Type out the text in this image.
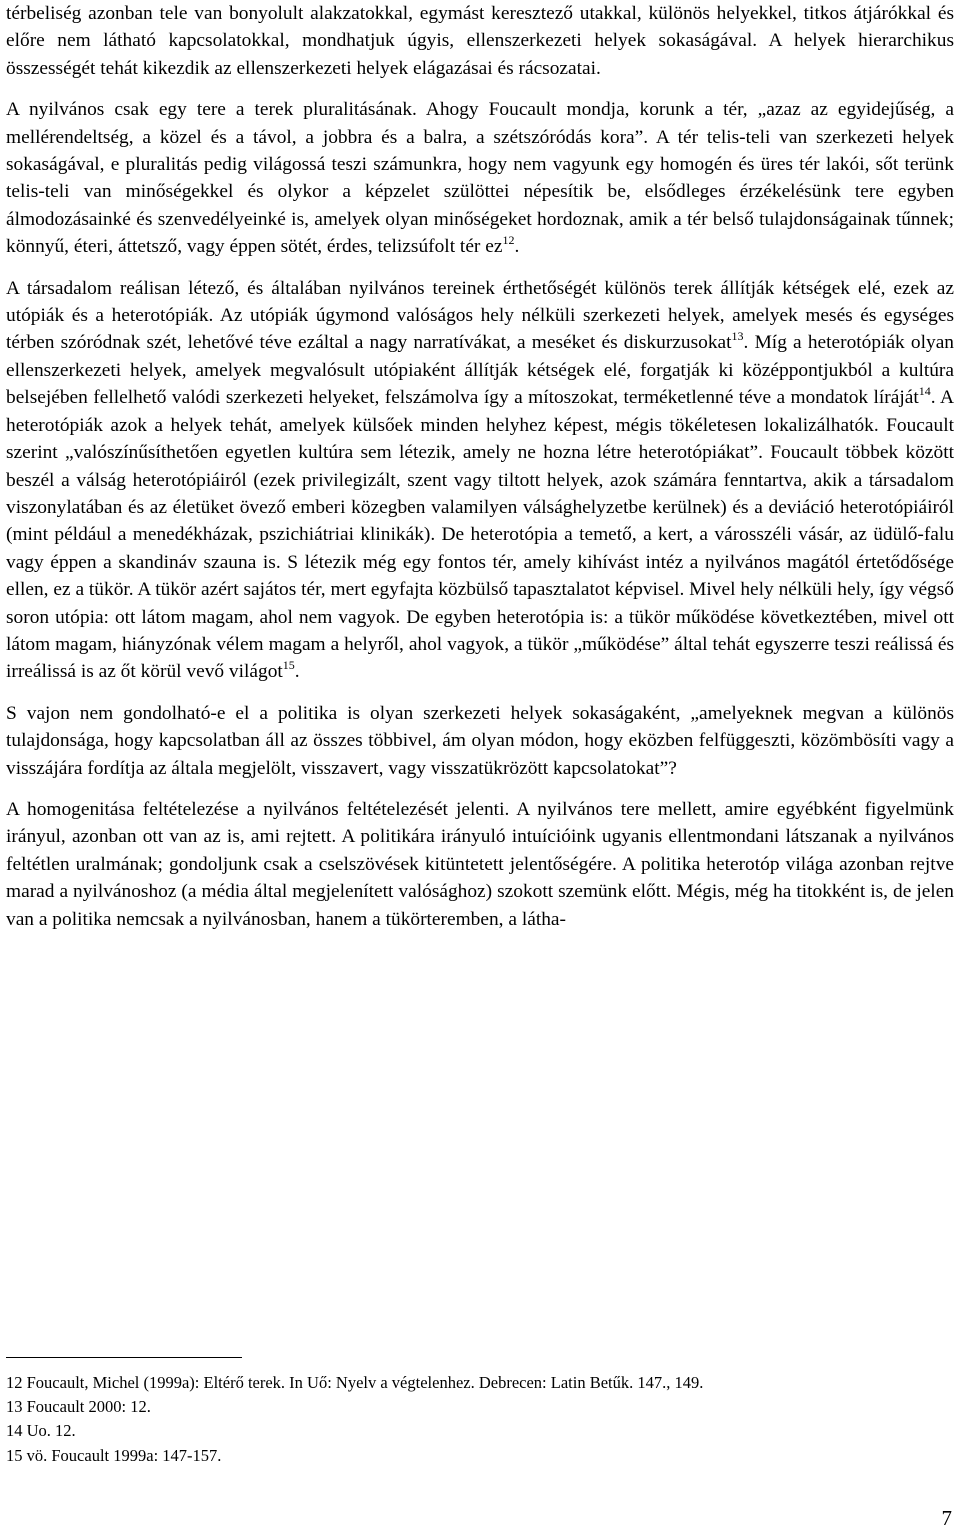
térbeliség azonban tele van bonyolult alakzatokkal, egymást keresztező utakkal, különös helyekkel, titkos átjárókkal és előre nem látható kapcsolatokkal, mondhatjuk úgyis, ellenszerkezeti helyek sokaságával. A helyek hierarchikus összességét tehát kikezdik az ellenszerkezeti helyek elágazásai és rácsozatai.

A nyilvános csak egy tere a terek pluralitásának. Ahogy Foucault mondja, korunk a tér, „azaz az egyidejűség, a mellérendeltség, a közel és a távol, a jobbra és a balra, a szétszóródás kora”. A tér telis-teli van szerkezeti helyek sokaságával, e pluralitás pedig világossá teszi számunkra, hogy nem vagyunk egy homogén és üres tér lakói, sőt terünk telis-teli van minőségekkel és olykor a képzelet szülöttei népesítik be, elsődleges érzékelésünk tere egyben álmodozásainké és szenvedélyeinké is, amelyek olyan minőségeket hordoznak, amik a tér belső tulajdonságainak tűnnek; könnyű, éteri, áttetsző, vagy éppen sötét, érdes, telizsúfolt tér $ez^{12}$.

A társadalom reálisan létező, és általában nyilvános tereinek érthetőségét különös terek állítják kétségek elé, ezek az utópiák és a heterotópiák. Az utópiák úgymond valóságos hely nélküli szerkezeti helyek, amelyek mesés és egységes térben szóródnak szét, lehetővé téve ezáltal a nagy narratívákat, a meséket és diskurzusokat$^{13}$. Míg a heterotópiák olyan ellenszerkezeti helyek, amelyek megvalósult utópiaként állítják kétségek elé, forgatják ki középpontjukból a kultúra belsejében fellelhető valódi szerkezeti helyeket, felszámolva így a mítoszokat, terméketlenné téve a mondatok líráját$^{14}$. A heterotópiák azok a helyek tehát, amelyek külsőek minden helyhez képest, mégis tökéletesen lokalizálhatók. Foucault szerint „valószínűsíthetően egyetlen kultúra sem létezik, amely ne hozna létre heterotópiákat”. Foucault többek között beszél a válság heterotópiáiról (ezek privilegizált, szent vagy tiltott helyek, azok számára fenntartva, akik a társadalom viszonylatában és az életüket övező emberi közegben valamilyen válsághelyzetbe kerülnek) és a deviáció heterotópiáiról (mint például a menedékházak, pszichiátriai klinikák). De heterotópia a temető, a kert, a városszéli vásár, az üdülő-falu vagy éppen a skandináv szauna is. S létezik még egy fontos tér, amely kihívást intéz a nyilvános magától értetődősége ellen, ez a tükör. A tükör azért sajátos tér, mert egyfajta közbülső tapasztalatot képvisel. Mivel hely nélküli hely, így végső soron utópia: ott látom magam, ahol nem vagyok. De egyben heterotópia is: a tükör működése következtében, mivel ott látom magam, hiányzónak vélem magam a helyről, ahol vagyok, a tükör „működése” által tehát egyszerre teszi reálissá és irreálissá is az őt körül vevő világot$^{15}$.

S vajon nem gondolható-e el a politika is olyan szerkezeti helyek sokaságaként, „amelyeknek megvan a különös tulajdonsága, hogy kapcsolatban áll az összes többivel, ám olyan módon, hogy eközben felfüggeszti, közömbösíti vagy a visszájára fordítja az általa megjelölt, visszavert, vagy visszatükrözött kapcsolatokat”?

A homogenitása feltételezése a nyilvános feltételezését jelenti. A nyilvános tere mellett, amire egyébként figyelmünk irányul, azonban ott van az is, ami rejtett. A politikára irányuló intuícióink ugyanis ellentmondani látszanak a nyilvános feltétlen uralmának; gondoljunk csak a cselszövések kitüntetett jelentőségére. A politika heterotóp világa azonban rejtve marad a nyilvánoshoz (a média által megjelenített valósághoz) szokott szemünk előtt. Mégis, még ha titokként is, de jelen van a politika nemcsak a nyilvánosban, hanem a tükörteremben, a látha-

12 Foucault, Michel (1999a): Eltérő terek. In Uő: Nyelv a végtelenhez. Debrecen: Latin Betűk. 147., 149.
13 Foucault 2000: 12.
14 Uo. 12.
15 vö. Foucault 1999a: 147-157.
7
